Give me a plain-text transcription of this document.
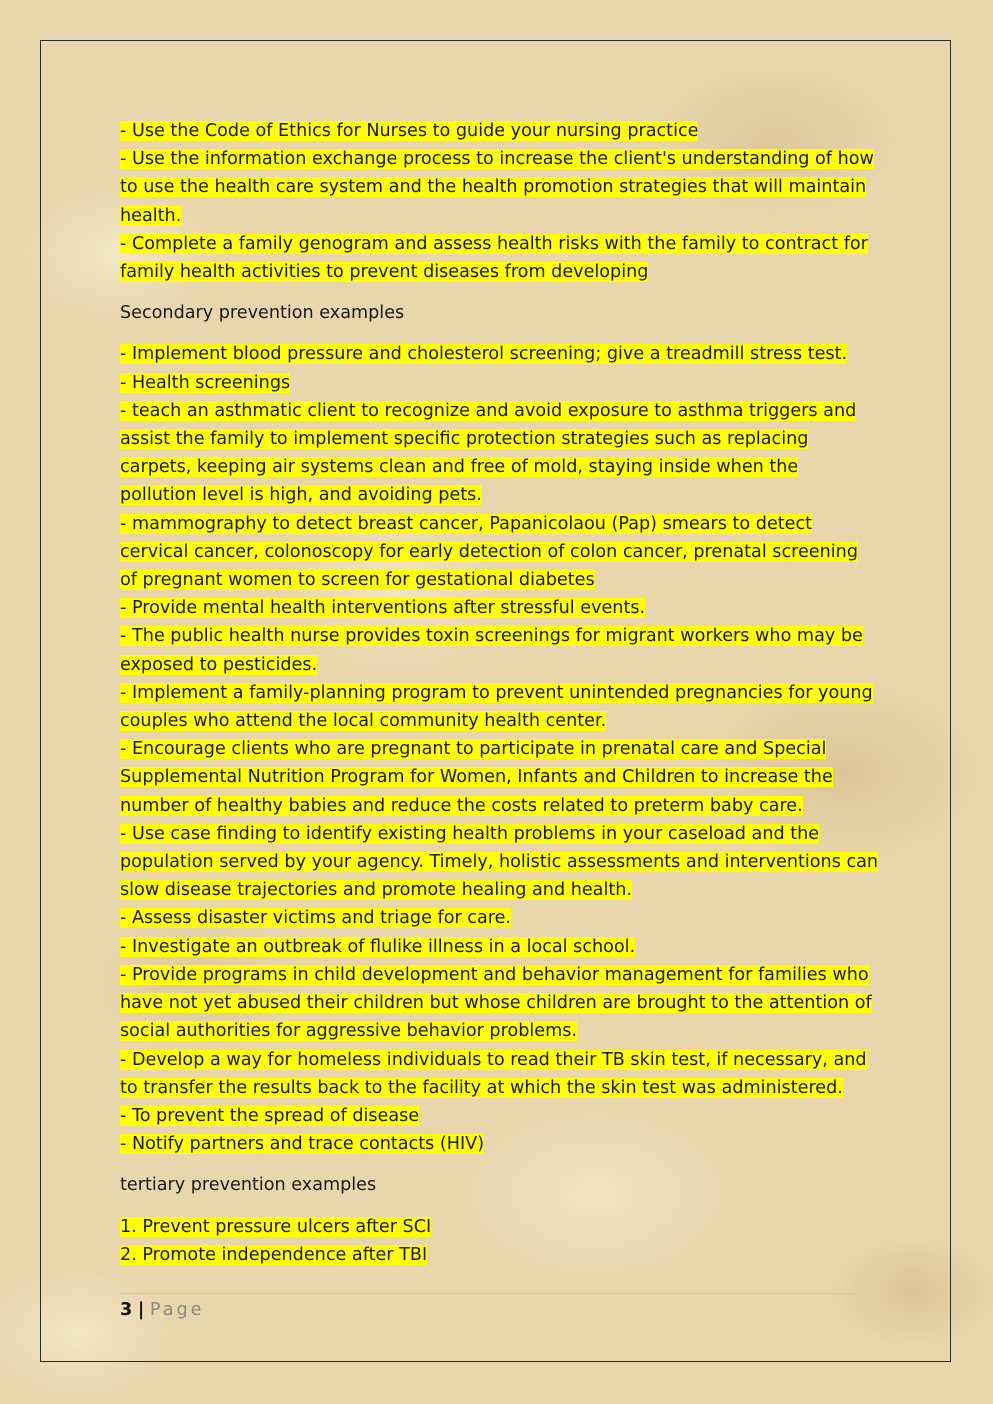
- Use the Code of Ethics for Nurses to guide your nursing practice

- Use the information exchange process to increase the client's understanding of how to use the health care system and the health promotion strategies that will maintain health.

- Complete a family genogram and assess health risks with the family to contract for family health activities to prevent diseases from developing

Secondary prevention examples

- Implement blood pressure and cholesterol screening; give a treadmill stress test.

- Health screenings

- teach an asthmatic client to recognize and avoid exposure to asthma triggers and assist the family to implement specific protection strategies such as replacing carpets, keeping air systems clean and free of mold, staying inside when the pollution level is high, and avoiding pets.

- mammography to detect breast cancer, Papanicolaou (Pap) smears to detect cervical cancer, colonoscopy for early detection of colon cancer, prenatal screening of pregnant women to screen for gestational diabetes

- Provide mental health interventions after stressful events.

- The public health nurse provides toxin screenings for migrant workers who may be exposed to pesticides.

- Implement a family-planning program to prevent unintended pregnancies for young couples who attend the local community health center.

- Encourage clients who are pregnant to participate in prenatal care and Special Supplemental Nutrition Program for Women, Infants and Children to increase the number of healthy babies and reduce the costs related to preterm baby care.

- Use case finding to identify existing health problems in your caseload and the population served by your agency. Timely, holistic assessments and interventions can slow disease trajectories and promote healing and health.

- Assess disaster victims and triage for care.

- Investigate an outbreak of flulike illness in a local school.

- Provide programs in child development and behavior management for families who have not yet abused their children but whose children are brought to the attention of social authorities for aggressive behavior problems.

- Develop a way for homeless individuals to read their TB skin test, if necessary, and to transfer the results back to the facility at which the skin test was administered.

- To prevent the spread of disease

- Notify partners and trace contacts (HIV)

tertiary prevention examples

1. Prevent pressure ulcers after SCI

2. Promote independence after TBI

3 | Page
